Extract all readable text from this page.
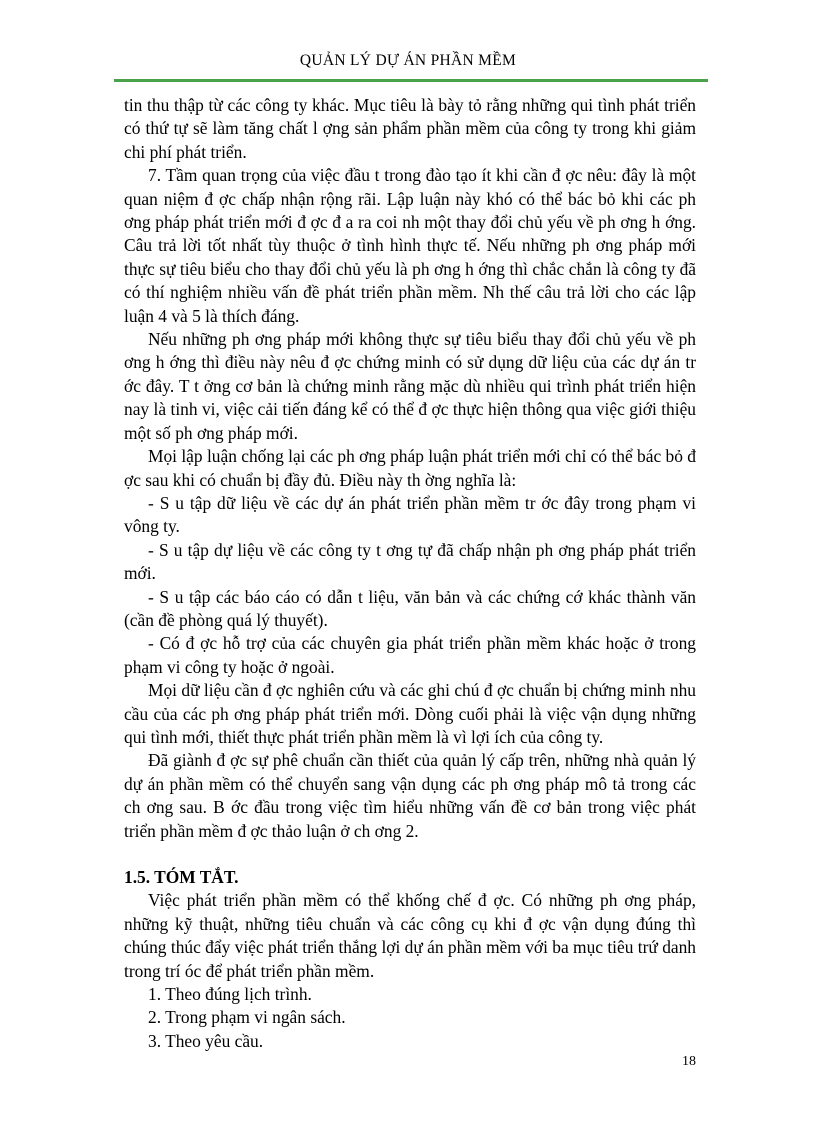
QUẢN LÝ DỰ ÁN PHẦN MỀM

tin thu thập từ các công ty khác. Mục tiêu là bày tỏ rằng những qui tình phát triển có thứ tự sẽ làm tăng chất l ợng sản phẩm phần mềm của công ty trong khi giảm chi phí phát triển.

7. Tầm quan trọng của việc đầu t trong đào tạo ít khi cần đ ợc nêu: đây là một quan niệm đ ợc chấp nhận rộng rãi. Lập luận này khó có thể bác bỏ khi các ph ơng pháp phát triển mới đ ợc đ a ra coi nh một thay đổi chủ yếu về ph ơng h ớng. Câu trả lời tốt nhất tùy thuộc ở tình hình thực tế. Nếu những ph ơng pháp mới thực sự tiêu biểu cho thay đổi chủ yếu là ph ơng h ớng thì chắc chắn là công ty đã có thí nghiệm nhiều vấn đề phát triển phần mềm. Nh thế câu trả lời cho các lập luận 4 và 5 là thích đáng.

Nếu những ph ơng pháp mới không thực sự tiêu biểu thay đổi chủ yếu về ph ơng h ớng thì điều này nêu đ ợc chứng minh có sử dụng dữ liệu của các dự án tr ớc đây. T t ởng cơ bản là chứng minh rằng mặc dù nhiều qui trình phát triển hiện nay là tinh vi, việc cải tiến đáng kể có thể đ ợc thực hiện thông qua việc giới thiệu một số ph ơng pháp mới.

Mọi lập luận chống lại các ph ơng pháp luận phát triển mới chỉ có thể bác bỏ đ ợc sau khi có chuẩn bị đầy đủ. Điều này th ờng nghĩa là:

- S u tập dữ liệu về các dự án phát triển phần mềm tr ớc đây trong phạm vi vông ty.

- S u tập dự liệu về các công ty t ơng tự đã chấp nhận ph ơng pháp phát triển mới.

- S u tập các báo cáo có dẫn t liệu, văn bản và các chứng cớ khác thành văn (cần đề phòng quá lý thuyết).

- Có đ ợc hỗ trợ của các chuyên gia phát triển phần mềm khác hoặc ở trong phạm vi công ty hoặc ở ngoài.

Mọi dữ liệu cần đ ợc nghiên cứu và các ghi chú đ ợc chuẩn bị chứng minh nhu cầu của các ph ơng pháp phát triển mới. Dòng cuối phải là việc vận dụng những qui tình mới, thiết thực phát triển phần mềm là vì lợi ích của công ty.

Đã giành đ ợc sự phê chuẩn cần thiết của quản lý cấp trên, những nhà quản lý dự án phần mềm có thể chuyển sang vận dụng các ph ơng pháp mô tả trong các ch ơng sau. B ớc đầu trong việc tìm hiểu những vấn đề cơ bản trong việc phát triển phần mềm đ ợc thảo luận ở ch ơng 2.

1.5. TÓM TẮT.

Việc phát triển phần mềm có thể khống chế đ ợc. Có những ph ơng pháp, những kỹ thuật, những tiêu chuẩn và các công cụ khi đ ợc vận dụng đúng thì chúng thúc đẩy việc phát triển thắng lợi dự án phần mềm với ba mục tiêu trứ danh trong trí óc để phát triển phần mềm.

1. Theo đúng lịch trình.

2. Trong phạm vi ngân sách.

3. Theo yêu cầu.

18
